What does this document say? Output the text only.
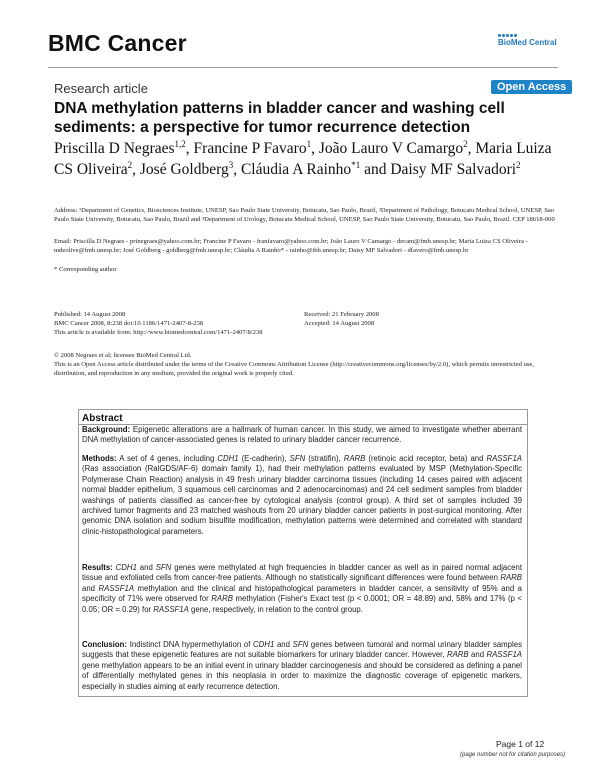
BMC Cancer	BioMed Central
Research article	Open Access
DNA methylation patterns in bladder cancer and washing cell sediments: a perspective for tumor recurrence detection
Priscilla D Negraes$^{1,2}$, Francine P Favaro$^1$, João Lauro V Camargo$^2$, Maria Luiza CS Oliveira$^2$, José Goldberg$^3$, Cláudia A Rainho$^{*1}$ and Daisy MF Salvadori$^2$
Address: ¹Department of Genetics, Biosciences Institute, UNESP, Sao Paulo State University, Botucatu, Sao Paulo, Brazil, ²Department of Pathology, Botucatu Medical School, UNESP, Sao Paulo State University, Botucatu, Sao Paulo, Brazil and ³Department of Urology, Botucatu Medical School, UNESP, Sao Paulo State University, Botucatu, Sao Paulo, Brazil. CEP 18618-000
Email: Priscilla D Negraes - prinegraes@yahoo.com.br; Francine P Favaro - franfavaro@yahoo.com.br; João Lauro V Camargo - decam@fmb.unesp.br; Maria Luiza CS Oliveira - mdeolive@fmb.unesp.br; José Goldberg - goldberg@fmb.unesp.br; Cláudia A Rainho* - rainho@ibb.unesp.br; Daisy MF Salvadori - dfavero@fmb.unesp.br
* Corresponding author
Published: 14 August 2008
BMC Cancer 2008, 8:238 doi:10.1186/1471-2407-8-238
Received: 21 February 2008
Accepted: 14 August 2008
This article is available from: http://www.biomedcentral.com/1471-2407/8/238
© 2008 Negraes et al; licensee BioMed Central Ltd.
This is an Open Access article distributed under the terms of the Creative Commons Attribution License (http://creativecommons.org/licenses/by/2.0), which permits unrestricted use, distribution, and reproduction in any medium, provided the original work is properly cited.
Abstract
Background: Epigenetic alterations are a hallmark of human cancer. In this study, we aimed to investigate whether aberrant DNA methylation of cancer-associated genes is related to urinary bladder cancer recurrence.
Methods: A set of 4 genes, including CDH1 (E-cadherin), SFN (stratifin), RARB (retinoic acid receptor, beta) and RASSF1A (Ras association (RalGDS/AF-6) domain family 1), had their methylation patterns evaluated by MSP (Methylation-Specific Polymerase Chain Reaction) analysis in 49 fresh urinary bladder carcinoma tissues (including 14 cases paired with adjacent normal bladder epithelium, 3 squamous cell carcinomas and 2 adenocarcinomas) and 24 cell sediment samples from bladder washings of patients classified as cancer-free by cytological analysis (control group). A third set of samples included 39 archived tumor fragments and 23 matched washouts from 20 urinary bladder cancer patients in post-surgical monitoring. After genomic DNA isolation and sodium bisulfite modification, methylation patterns were determined and correlated with standard clinic-histopathological parameters.
Results: CDH1 and SFN genes were methylated at high frequencies in bladder cancer as well as in paired normal adjacent tissue and exfoliated cells from cancer-free patients. Although no statistically significant differences were found between RARB and RASSF1A methylation and the clinical and histopathological parameters in bladder cancer, a sensitivity of 95% and a specificity of 71% were observed for RARB methylation (Fisher's Exact test (p < 0.0001; OR = 48.89) and, 58% and 17% (p < 0.05; OR = 0.29) for RASSF1A gene, respectively, in relation to the control group.
Conclusion: Indistinct DNA hypermethylation of CDH1 and SFN genes between tumoral and normal urinary bladder samples suggests that these epigenetic features are not suitable biomarkers for urinary bladder cancer. However, RARB and RASSF1A gene methylation appears to be an initial event in urinary bladder carcinogenesis and should be considered as defining a panel of differentially methylated genes in this neoplasia in order to maximize the diagnostic coverage of epigenetic markers, especially in studies aiming at early recurrence detection.
Page 1 of 12
(page number not for citation purposes)
